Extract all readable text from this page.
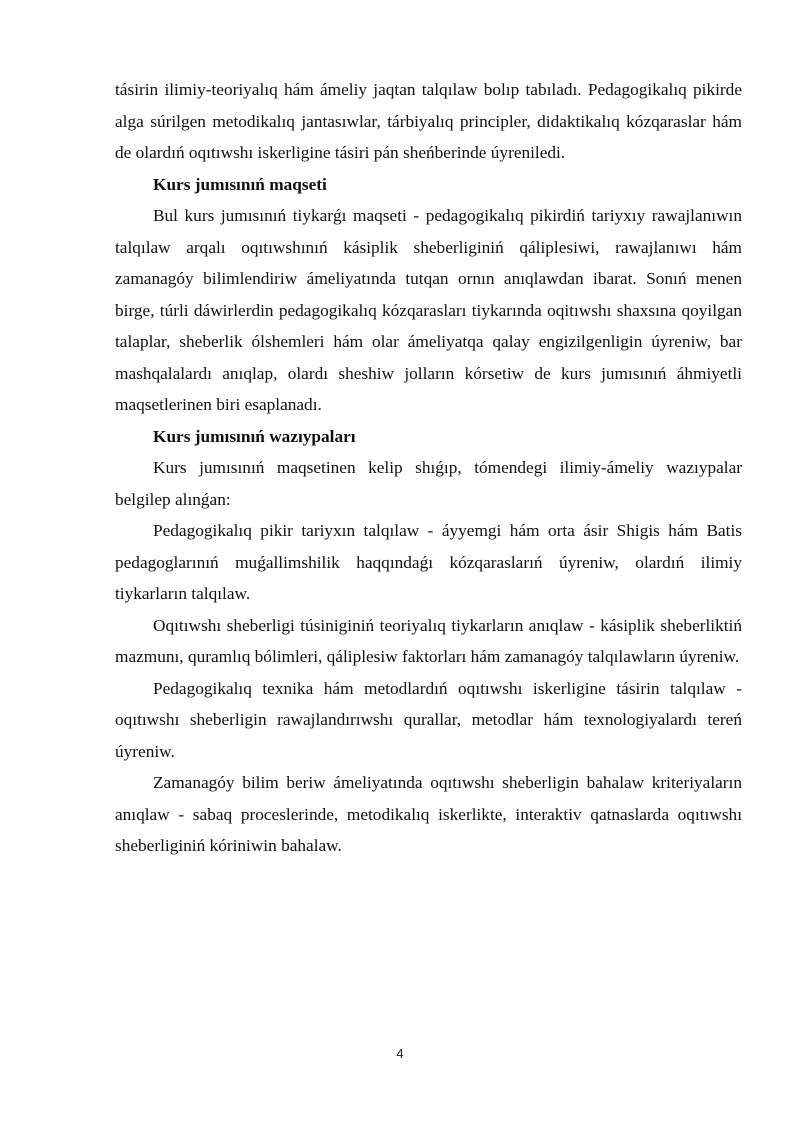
tásirin ilimiy-teoriyalıq hám ámeliy jaqtan talqılaw bolıp tabıladı. Pedagogikalıq pikirde alga súrilgen metodikalıq jantasıwlar, tárbiyalıq principler, didaktikalıq kózqaraslar hám de olardıń oqıtıwshı iskerligine tásiri pán sheńberinde úyreniledi.

Kurs jumısınıń maqseti

Bul kurs jumısınıń tiykarǵı maqseti - pedagogikalıq pikirdiń tariyxıy rawajlanıwın talqılaw arqalı oqıtıwshınıń kásiplik sheberliginiń qáliplesiwi, rawajlanıwı hám zamanagóy bilimlendiriw ámeliyatında tutqan ornın anıqlawdan ibarat. Sonıń menen birge, túrli dáwirlerdin pedagogikalıq kózqarasları tiykarında oqitıwshı shaxsına qoyilgan talaplar, sheberlik ólshemleri hám olar ámeliyatqa qalay engizilgenligin úyreniw, bar mashqalalardı anıqlap, olardı sheshiw jolların kórsetiw de kurs jumısınıń áhmiyetli maqsetlerinen biri esaplanadı.

Kurs jumısınıń wazıypaları

Kurs jumısınıń maqsetinen kelip shıǵıp, tómendegi ilimiy-ámeliy wazıypalar belgilep alınǵan:

Pedagogikalıq pikir tariyxın talqılaw - áyyemgi hám orta ásir Shigis hám Batis pedagoglarınıń muǵallimshilik haqqındaǵı kózqaraslarıń úyreniw, olardıń ilimiy tiykarların talqılaw.

Oqıtıwshı sheberligi túsiniginiń teoriyalıq tiykarların anıqlaw - kásiplik sheberliktiń mazmunı, quramlıq bólimleri, qáliplesiw faktorları hám zamanagóy talqılawların úyreniw.

Pedagogikalıq texnika hám metodlardıń oqıtıwshı iskerligine tásirin talqılaw - oqıtıwshı sheberligin rawajlandırıwshı qurallar, metodlar hám texnologiyalardı tereń úyreniw.

Zamanagóy bilim beriw ámeliyatında oqıtıwshı sheberligin bahalaw kriteriyaların anıqlaw - sabaq proceslerinde, metodikalıq iskerlikte, interaktiv qatnaslarda oqıtıwshı sheberliginiń kóriniwin bahalaw.

4
